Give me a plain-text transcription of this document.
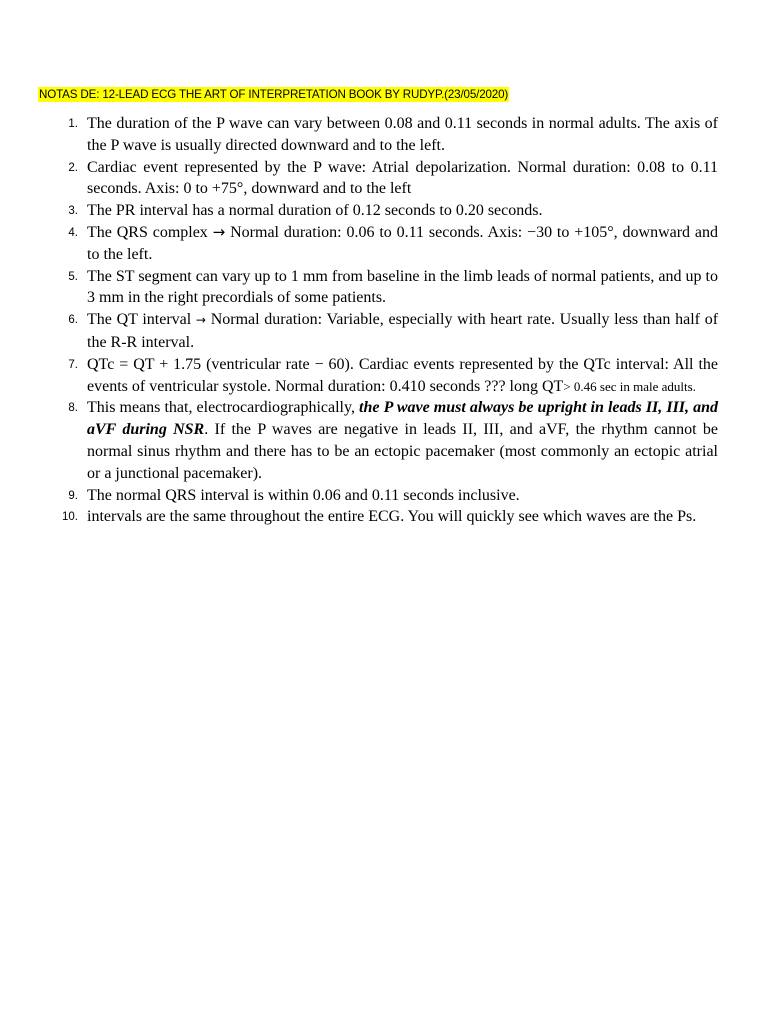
NOTAS DE: 12-LEAD ECG THE ART OF INTERPRETATION BOOK BY RUDYP.(23/05/2020)
1. The duration of the P wave can vary between 0.08 and 0.11 seconds in normal adults. The axis of the P wave is usually directed downward and to the left.
2. Cardiac event represented by the P wave: Atrial depolarization. Normal duration: 0.08 to 0.11 seconds. Axis: 0 to +75°, downward and to the left
3. The PR interval has a normal duration of 0.12 seconds to 0.20 seconds.
4. The QRS complex → Normal duration: 0.06 to 0.11 seconds. Axis: −30 to +105°, downward and to the left.
5. The ST segment can vary up to 1 mm from baseline in the limb leads of normal patients, and up to 3 mm in the right precordials of some patients.
6. The QT interval → Normal duration: Variable, especially with heart rate. Usually less than half of the R-R interval.
7. QTc = QT + 1.75 (ventricular rate − 60). Cardiac events represented by the QTc interval: All the events of ventricular systole. Normal duration: 0.410 seconds ??? long QT> 0.46 sec in male adults.
8. This means that, electrocardiographically, the P wave must always be upright in leads II, III, and aVF during NSR. If the P waves are negative in leads II, III, and aVF, the rhythm cannot be normal sinus rhythm and there has to be an ectopic pacemaker (most commonly an ectopic atrial or a junctional pacemaker).
9. The normal QRS interval is within 0.06 and 0.11 seconds inclusive.
10. intervals are the same throughout the entire ECG. You will quickly see which waves are the Ps.
